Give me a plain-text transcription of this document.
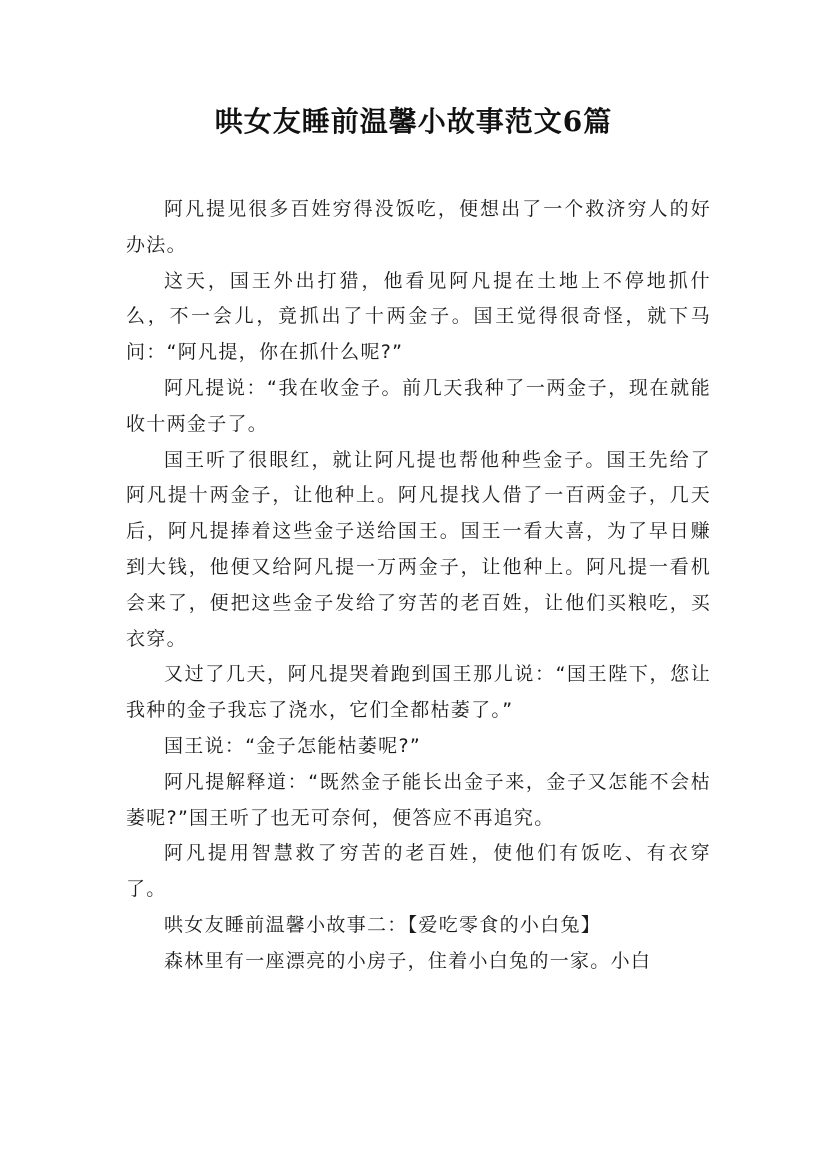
哄女友睡前温馨小故事范文6篇

阿凡提见很多百姓穷得没饭吃，便想出了一个救济穷人的好办法。

这天，国王外出打猎，他看见阿凡提在土地上不停地抓什么，不一会儿，竟抓出了十两金子。国王觉得很奇怪，就下马问：“阿凡提，你在抓什么呢?”

阿凡提说：“我在收金子。前几天我种了一两金子，现在就能收十两金子了。

国王听了很眼红，就让阿凡提也帮他种些金子。国王先给了阿凡提十两金子，让他种上。阿凡提找人借了一百两金子，几天后，阿凡提捧着这些金子送给国王。国王一看大喜，为了早日赚到大钱，他便又给阿凡提一万两金子，让他种上。阿凡提一看机会来了，便把这些金子发给了穷苦的老百姓，让他们买粮吃，买衣穿。

又过了几天，阿凡提哭着跑到国王那儿说：“国王陛下，您让我种的金子我忘了浇水，它们全都枯萎了。”

国王说：“金子怎能枯萎呢?”

阿凡提解释道：“既然金子能长出金子来，金子又怎能不会枯萎呢?”国王听了也无可奈何，便答应不再追究。

阿凡提用智慧救了穷苦的老百姓，使他们有饭吃、有衣穿了。

哄女友睡前温馨小故事二：【爱吃零食的小白兔】

森林里有一座漂亮的小房子，住着小白兔的一家。小白
